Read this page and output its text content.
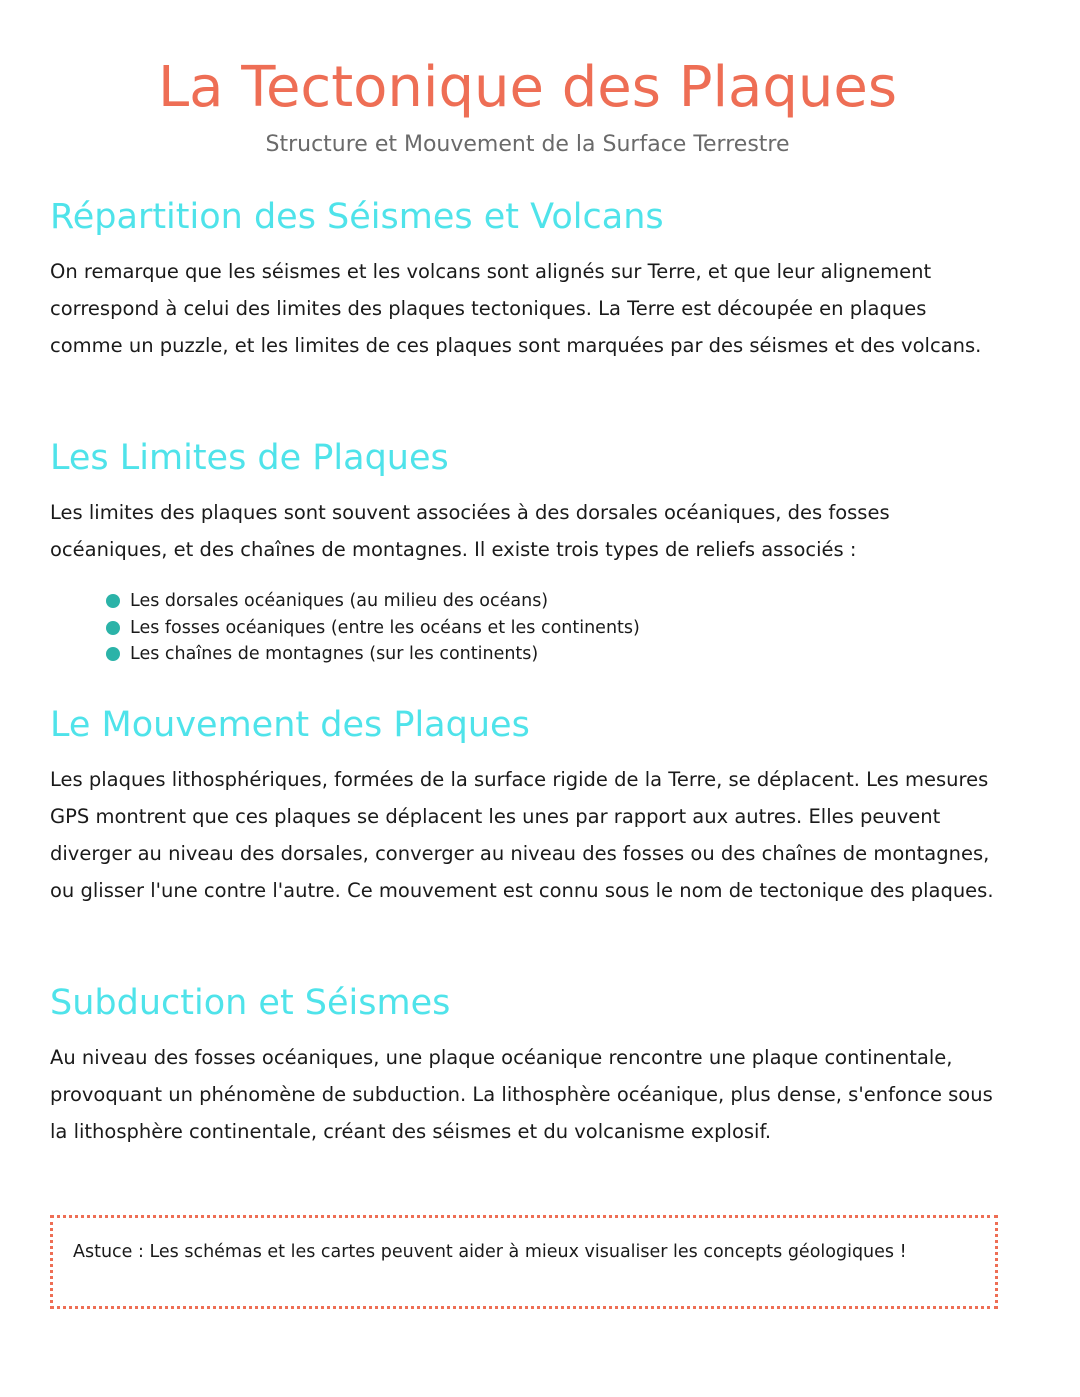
La Tectonique des Plaques
Structure et Mouvement de la Surface Terrestre
Répartition des Séismes et Volcans

On remarque que les séismes et les volcans sont alignés sur Terre, et que leur alignement correspond à celui des limites des plaques tectoniques. La Terre est découpée en plaques comme un puzzle, et les limites de ces plaques sont marquées par des séismes et des volcans.

Les Limites de Plaques

Les limites des plaques sont souvent associées à des dorsales océaniques, des fosses océaniques, et des chaînes de montagnes. Il existe trois types de reliefs associés :

Les dorsales océaniques (au milieu des océans)
Les fosses océaniques (entre les océans et les continents)
Les chaînes de montagnes (sur les continents)
Le Mouvement des Plaques

Les plaques lithosphériques, formées de la surface rigide de la Terre, se déplacent. Les mesures GPS montrent que ces plaques se déplacent les unes par rapport aux autres. Elles peuvent diverger au niveau des dorsales, converger au niveau des fosses ou des chaînes de montagnes, ou glisser l'une contre l'autre. Ce mouvement est connu sous le nom de tectonique des plaques.

Subduction et Séismes

Au niveau des fosses océaniques, une plaque océanique rencontre une plaque continentale, provoquant un phénomène de subduction. La lithosphère océanique, plus dense, s'enfonce sous la lithosphère continentale, créant des séismes et du volcanisme explosif.

Astuce : Les schémas et les cartes peuvent aider à mieux visualiser les concepts géologiques !
